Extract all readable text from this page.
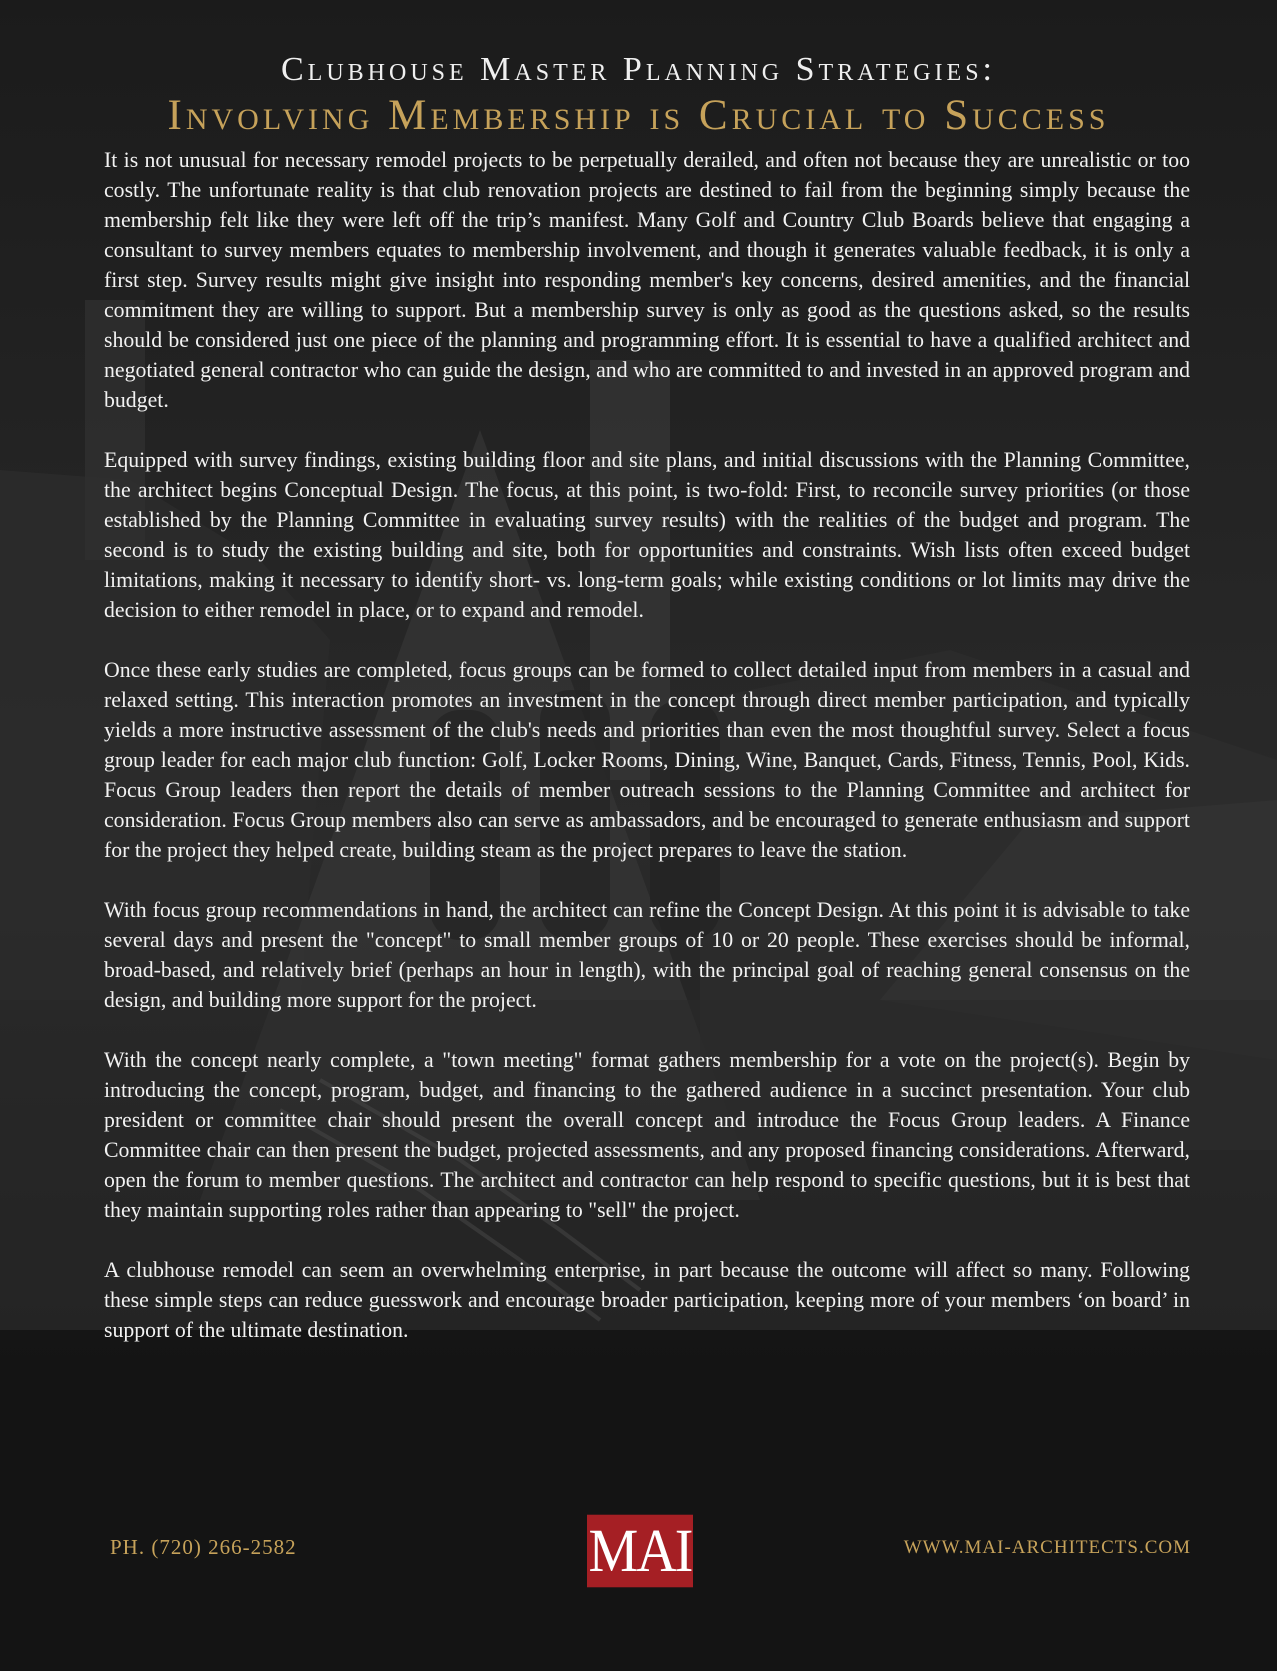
Clubhouse Master Planning Strategies:
Involving Membership is Crucial to Success

It is not unusual for necessary remodel projects to be perpetually derailed, and often not because they are unrealistic or too costly. The unfortunate reality is that club renovation projects are destined to fail from the beginning simply because the membership felt like they were left off the trip’s manifest. Many Golf and Country Club Boards believe that engaging a consultant to survey members equates to membership involvement, and though it generates valuable feedback, it is only a first step. Survey results might give insight into responding member's key concerns, desired amenities, and the financial commitment they are willing to support. But a membership survey is only as good as the questions asked, so the results should be considered just one piece of the planning and programming effort. It is essential to have a qualified architect and negotiated general contractor who can guide the design, and who are committed to and invested in an approved program and budget.

Equipped with survey findings, existing building floor and site plans, and initial discussions with the Planning Committee, the architect begins Conceptual Design. The focus, at this point, is two-fold: First, to reconcile survey priorities (or those established by the Planning Committee in evaluating survey results) with the realities of the budget and program. The second is to study the existing building and site, both for opportunities and constraints. Wish lists often exceed budget limitations, making it necessary to identify short- vs. long-term goals; while existing conditions or lot limits may drive the decision to either remodel in place, or to expand and remodel.

Once these early studies are completed, focus groups can be formed to collect detailed input from members in a casual and relaxed setting. This interaction promotes an investment in the concept through direct member participation, and typically yields a more instructive assessment of the club's needs and priorities than even the most thoughtful survey. Select a focus group leader for each major club function: Golf, Locker Rooms, Dining, Wine, Banquet, Cards, Fitness, Tennis, Pool, Kids. Focus Group leaders then report the details of member outreach sessions to the Planning Committee and architect for consideration. Focus Group members also can serve as ambassadors, and be encouraged to generate enthusiasm and support for the project they helped create, building steam as the project prepares to leave the station.

With focus group recommendations in hand, the architect can refine the Concept Design. At this point it is advisable to take several days and present the "concept" to small member groups of 10 or 20 people. These exercises should be informal, broad-based, and relatively brief (perhaps an hour in length), with the principal goal of reaching general consensus on the design, and building more support for the project.

With the concept nearly complete, a "town meeting" format gathers membership for a vote on the project(s). Begin by introducing the concept, program, budget, and financing to the gathered audience in a succinct presentation. Your club president or committee chair should present the overall concept and introduce the Focus Group leaders. A Finance Committee chair can then present the budget, projected assessments, and any proposed financing considerations. Afterward, open the forum to member questions. The architect and contractor can help respond to specific questions, but it is best that they maintain supporting roles rather than appearing to "sell" the project.

A clubhouse remodel can seem an overwhelming enterprise, in part because the outcome will affect so many. Following these simple steps can reduce guesswork and encourage broader participation, keeping more of your members ‘on board’ in support of the ultimate destination.

PH. (720) 266-2582	MAI	WWW.MAI-ARCHITECTS.COM
